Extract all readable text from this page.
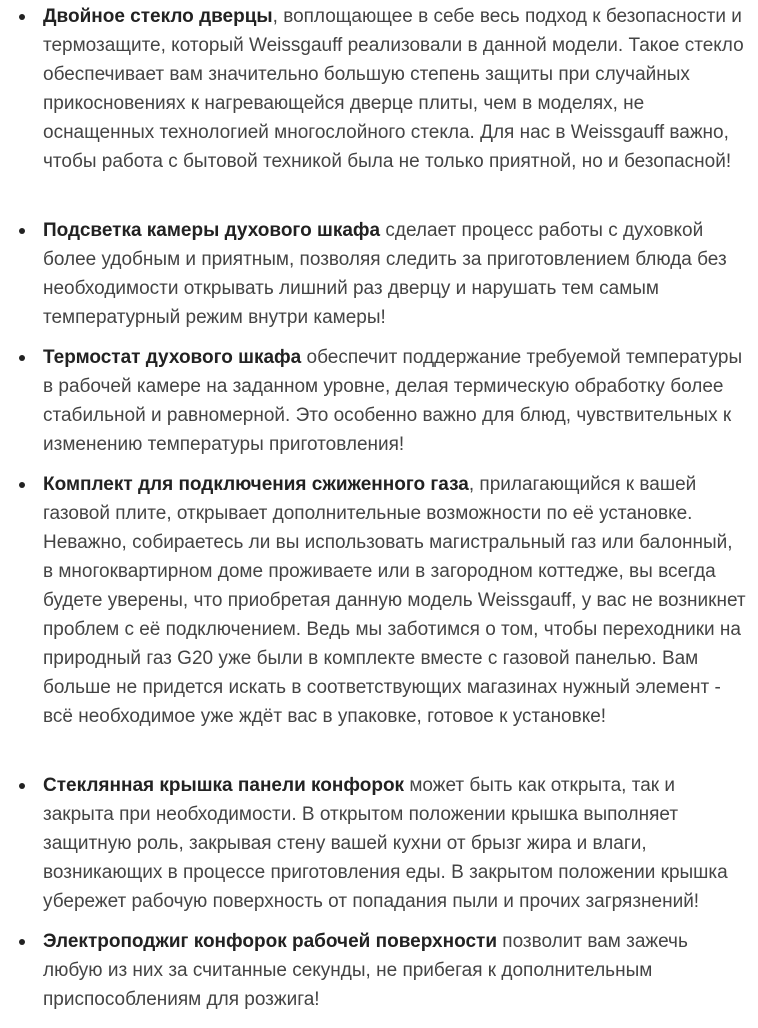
Двойное стекло дверцы, воплощающее в себе весь подход к безопасности и термозащите, который Weissgauff реализовали в данной модели. Такое стекло обеспечивает вам значительно большую степень защиты при случайных прикосновениях к нагревающейся дверце плиты, чем в моделях, не оснащенных технологией многослойного стекла. Для нас в Weissgauff важно, чтобы работа с бытовой техникой была не только приятной, но и безопасной!
Подсветка камеры духового шкафа сделает процесс работы с духовкой более удобным и приятным, позволяя следить за приготовлением блюда без необходимости открывать лишний раз дверцу и нарушать тем самым температурный режим внутри камеры!
Термостат духового шкафа обеспечит поддержание требуемой температуры в рабочей камере на заданном уровне, делая термическую обработку более стабильной и равномерной. Это особенно важно для блюд, чувствительных к изменению температуры приготовления!
Комплект для подключения сжиженного газа, прилагающийся к вашей газовой плите, открывает дополнительные возможности по её установке. Неважно, собираетесь ли вы использовать магистральный газ или балонный, в многоквартирном доме проживаете или в загородном коттедже, вы всегда будете уверены, что приобретая данную модель Weissgauff, у вас не возникнет проблем с её подключением. Ведь мы заботимся о том, чтобы переходники на природный газ G20 уже были в комплекте вместе с газовой панелью. Вам больше не придется искать в соответствующих магазинах нужный элемент - всё необходимое уже ждёт вас в упаковке, готовое к установке!
Стеклянная крышка панели конфорок может быть как открыта, так и закрыта при необходимости. В открытом положении крышка выполняет защитную роль, закрывая стену вашей кухни от брызг жира и влаги, возникающих в процессе приготовления еды. В закрытом положении крышка убережет рабочую поверхность от попадания пыли и прочих загрязнений!
Электроподжиг конфорок рабочей поверхности позволит вам зажечь любую из них за считанные секунды, не прибегая к дополнительным приспособлениям для розжига!
